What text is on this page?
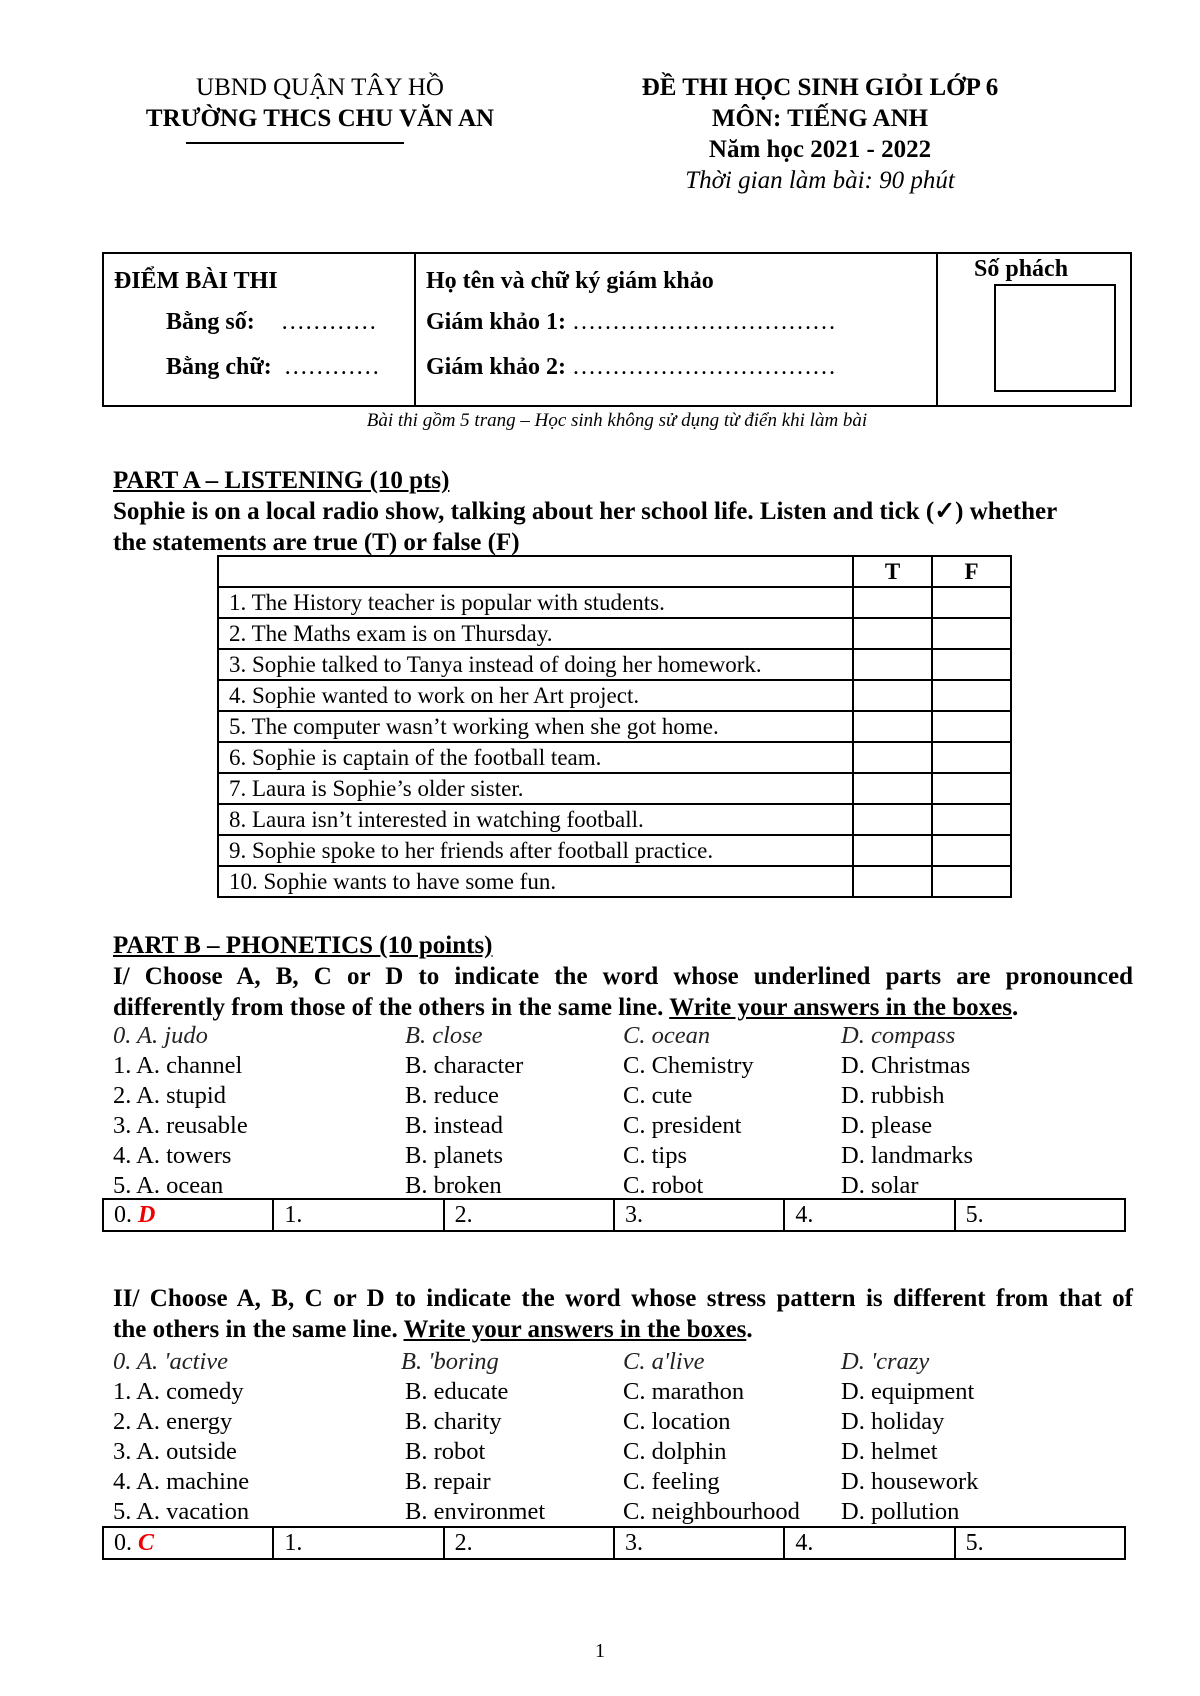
UBND QUẬN TÂY HỒ
TRƯỜNG THCS CHU VĂN AN
ĐỀ THI HỌC SINH GIỎI LỚP 6
MÔN: TIẾNG ANH
Năm học 2021 - 2022
Thời gian làm bài: 90 phút
ĐIỂM BÀI THI
Bằng số: …………
Bằng chữ: …………

Họ tên và chữ ký giám khảo
Giám khảo 1: ……………………………
Giám khảo 2: ……………………………

Số phách
Bài thi gồm 5 trang – Học sinh không sử dụng từ điển khi làm bài
PART A – LISTENING (10 pts)
Sophie is on a local radio show, talking about her school life. Listen and tick (✓) whether
the statements are true (T) or false (F)
	T	F
1. The History teacher is popular with students.		
2. The Maths exam is on Thursday.		
3. Sophie talked to Tanya instead of doing her homework.		
4. Sophie wanted to work on her Art project.		
5. The computer wasn’t working when she got home.		
6. Sophie is captain of the football team.		
7. Laura is Sophie’s older sister.		
8. Laura isn’t interested in watching football.		
9. Sophie spoke to her friends after football practice.		
10. Sophie wants to have some fun.		
PART B – PHONETICS (10 points)
I/ Choose A, B, C or D to indicate the word whose underlined parts are pronounced
differently from those of the others in the same line. Write your answers in the boxes.
0. A. judo	B. close	C. ocean	D. compass
1. A. channel	B. character	C. Chemistry	D. Christmas
2. A. stupid	B. reduce	C. cute	D. rubbish
3. A. reusable	B. instead	C. president	D. please
4. A. towers	B. planets	C. tips	D. landmarks
5. A. ocean	B. broken	C. robot	D. solar
0. D	1.	2.	3.	4.	5.
II/ Choose A, B, C or D to indicate the word whose stress pattern is different from that of
the others in the same line. Write your answers in the boxes.
0. A. 'active	B. 'boring	C. a'live	D. 'crazy
1. A. comedy	B. educate	C. marathon	D. equipment
2. A. energy	B. charity	C. location	D. holiday
3. A. outside	B. robot	C. dolphin	D. helmet
4. A. machine	B. repair	C. feeling	D. housework
5. A. vacation	B. environmet	C. neighbourhood D. pollution
0. C	1.	2.	3.	4.	5.
1
